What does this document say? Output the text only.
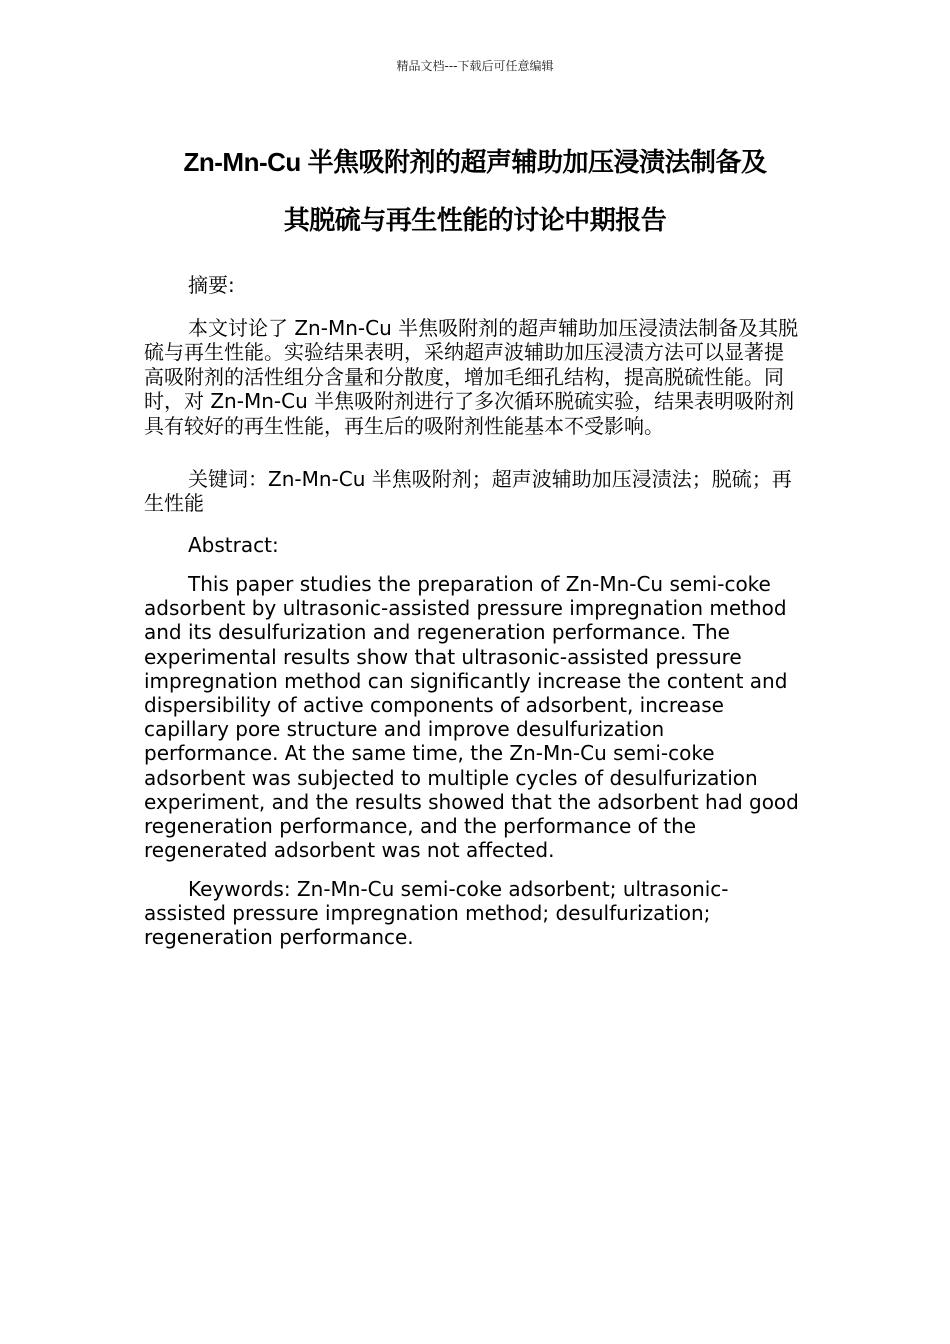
精品文档---下载后可任意编辑
Zn-Mn-Cu 半焦吸附剂的超声辅助加压浸渍法制备及
其脱硫与再生性能的讨论中期报告

摘要:

本文讨论了 Zn-Mn-Cu 半焦吸附剂的超声辅助加压浸渍法制备及其脱硫与再生性能。实验结果表明，采纳超声波辅助加压浸渍方法可以显著提高吸附剂的活性组分含量和分散度，增加毛细孔结构，提高脱硫性能。同时，对 Zn-Mn-Cu 半焦吸附剂进行了多次循环脱硫实验，结果表明吸附剂具有较好的再生性能，再生后的吸附剂性能基本不受影响。

关键词：Zn-Mn-Cu 半焦吸附剂；超声波辅助加压浸渍法；脱硫；再生性能

Abstract:

This paper studies the preparation of Zn-Mn-Cu semi-coke adsorbent by ultrasonic-assisted pressure impregnation method and its desulfurization and regeneration performance. The experimental results show that ultrasonic-assisted pressure impregnation method can significantly increase the content and dispersibility of active components of adsorbent, increase capillary pore structure and improve desulfurization performance. At the same time, the Zn-Mn-Cu semi-coke adsorbent was subjected to multiple cycles of desulfurization experiment, and the results showed that the adsorbent had good regeneration performance, and the performance of the regenerated adsorbent was not affected.

Keywords: Zn-Mn-Cu semi-coke adsorbent; ultrasonic-assisted pressure impregnation method; desulfurization; regeneration performance.
